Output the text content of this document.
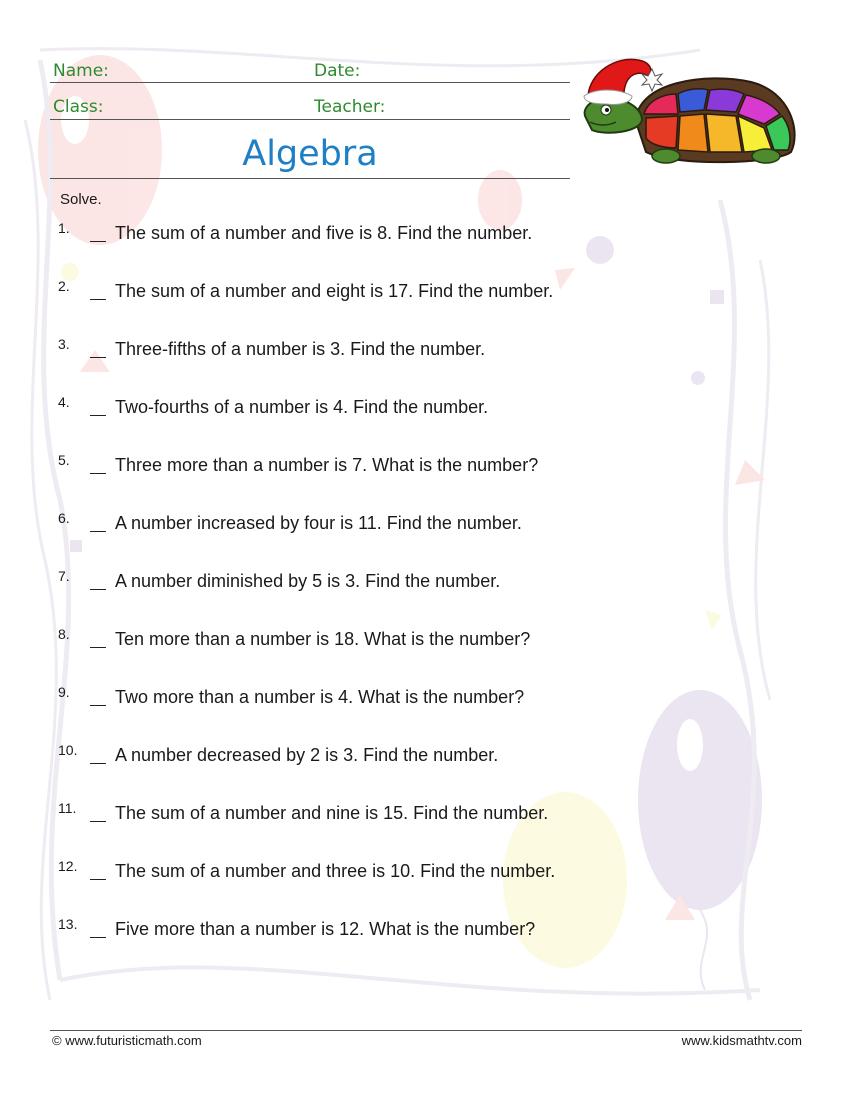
Name:	Date:
Class:	Teacher:
Algebra
Solve.
1.	The sum of a number and five is 8. Find the number.
2.	The sum of a number and eight is 17. Find the number.
3.	Three-fifths of a number is 3. Find the number.
4.	Two-fourths of a number is 4. Find the number.
5.	Three more than a number is 7. What is the number?
6.	A number increased by four is 11. Find the number.
7.	A number diminished by 5 is 3. Find the number.
8.	Ten more than a number is 18. What is the number?
9.	Two more than a number is 4. What is the number?
10. A number decreased by 2 is 3. Find the number.
11. The sum of a number and nine is 15. Find the number.
12. The sum of a number and three is 10. Find the number.
13. Five more than a number is 12. What is the number?
© www.futuristicmath.com	www.kidsmathtv.com
